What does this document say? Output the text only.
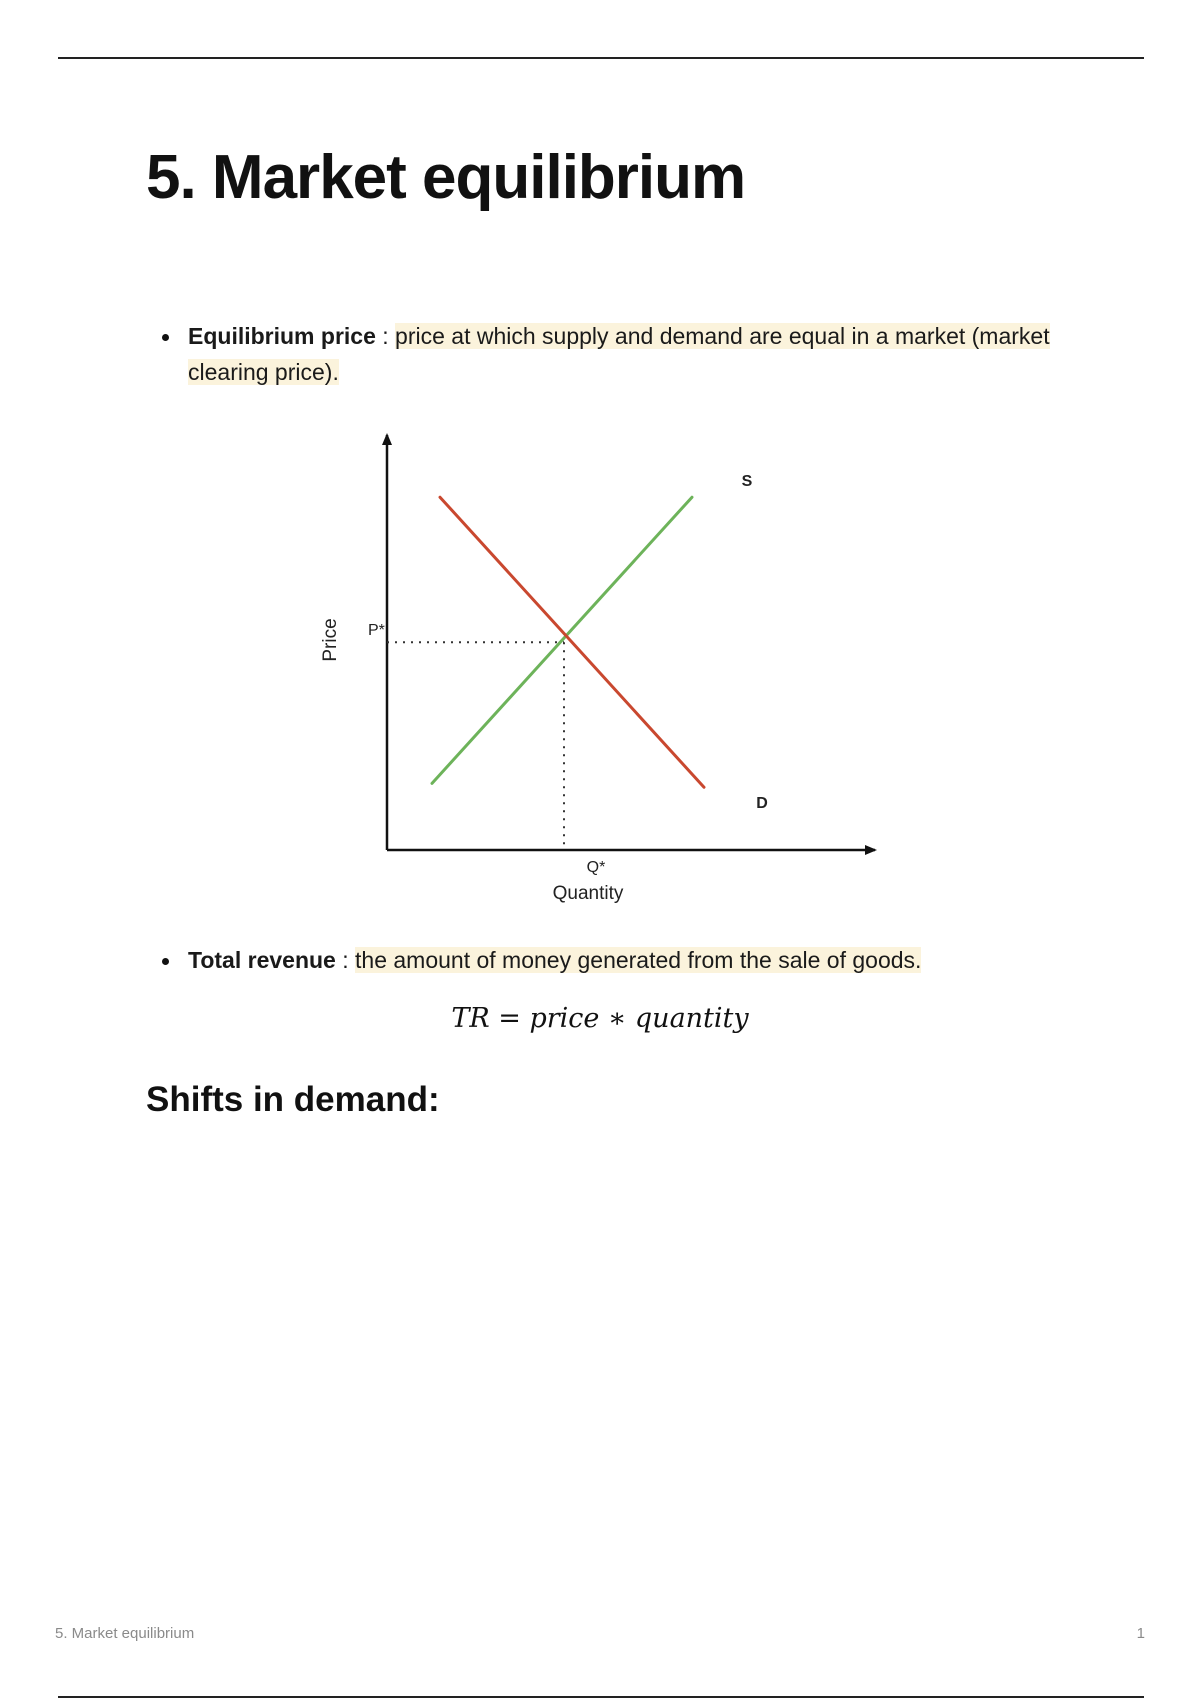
5. Market equilibrium
Equilibrium price : price at which supply and demand are equal in a market (market clearing price).
Price
Quantity
P*
Q*
S
D
Total revenue : the amount of money generated from the sale of goods.
TR = price ∗ quantity
Shifts in demand:
5. Market equilibrium	1
